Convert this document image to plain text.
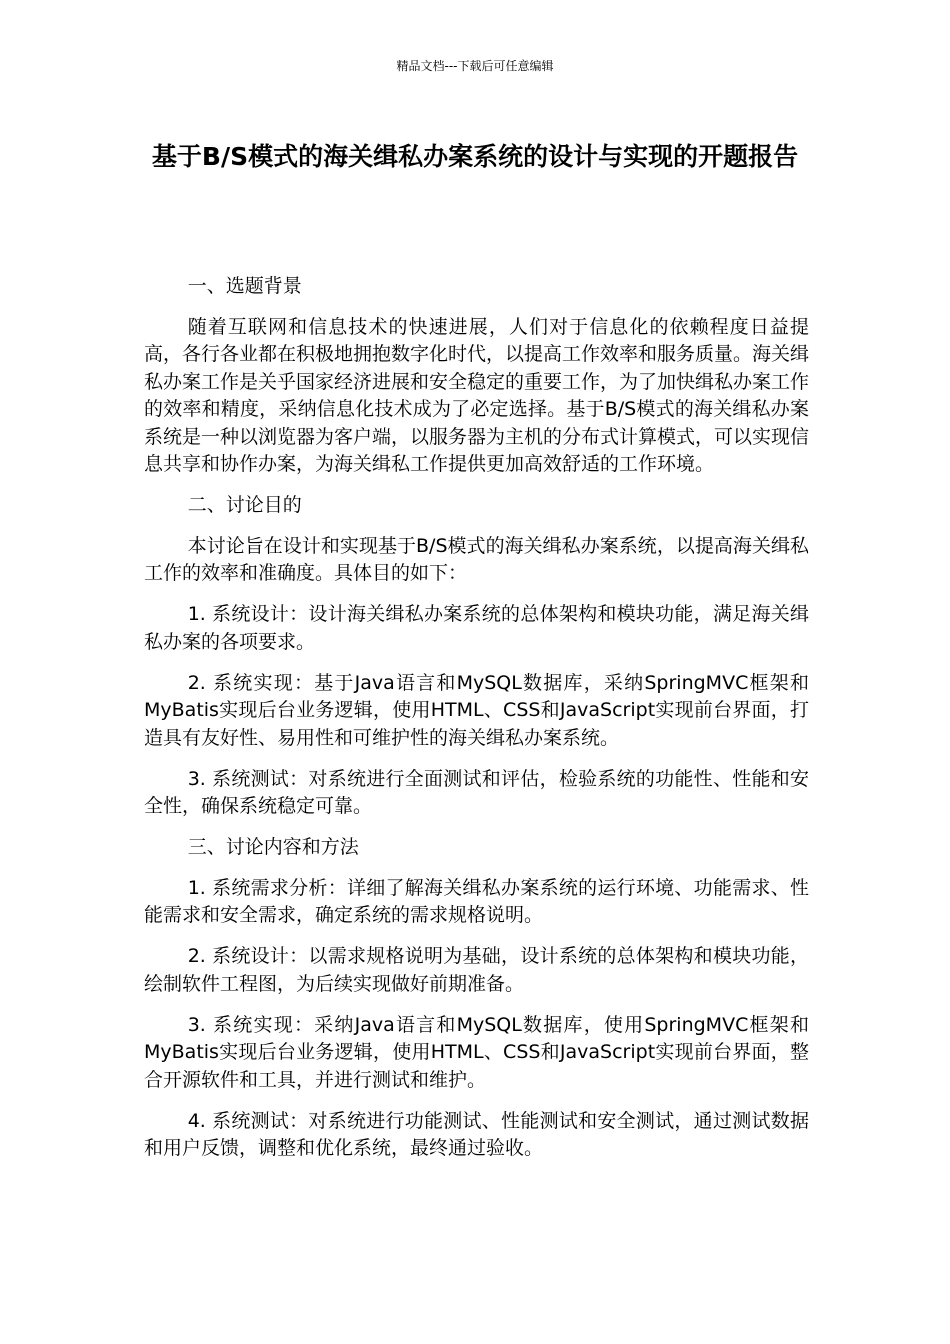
精品文档---下载后可任意编辑
基于B/S模式的海关缉私办案系统的设计与实现的开题报告

一、选题背景

随着互联网和信息技术的快速进展，人们对于信息化的依赖程度日益提高，各行各业都在积极地拥抱数字化时代，以提高工作效率和服务质量。海关缉私办案工作是关乎国家经济进展和安全稳定的重要工作，为了加快缉私办案工作的效率和精度，采纳信息化技术成为了必定选择。基于B/S模式的海关缉私办案系统是一种以浏览器为客户端，以服务器为主机的分布式计算模式，可以实现信息共享和协作办案，为海关缉私工作提供更加高效舒适的工作环境。

二、讨论目的

本讨论旨在设计和实现基于B/S模式的海关缉私办案系统，以提高海关缉私工作的效率和准确度。具体目的如下：

1. 系统设计：设计海关缉私办案系统的总体架构和模块功能，满足海关缉私办案的各项要求。

2. 系统实现：基于Java语言和MySQL数据库，采纳SpringMVC框架和MyBatis实现后台业务逻辑，使用HTML、CSS和JavaScript实现前台界面，打造具有友好性、易用性和可维护性的海关缉私办案系统。

3. 系统测试：对系统进行全面测试和评估，检验系统的功能性、性能和安全性，确保系统稳定可靠。

三、讨论内容和方法

1. 系统需求分析：详细了解海关缉私办案系统的运行环境、功能需求、性能需求和安全需求，确定系统的需求规格说明。

2. 系统设计：以需求规格说明为基础，设计系统的总体架构和模块功能，绘制软件工程图，为后续实现做好前期准备。

3. 系统实现：采纳Java语言和MySQL数据库，使用SpringMVC框架和MyBatis实现后台业务逻辑，使用HTML、CSS和JavaScript实现前台界面，整合开源软件和工具，并进行测试和维护。

4. 系统测试：对系统进行功能测试、性能测试和安全测试，通过测试数据和用户反馈，调整和优化系统，最终通过验收。
